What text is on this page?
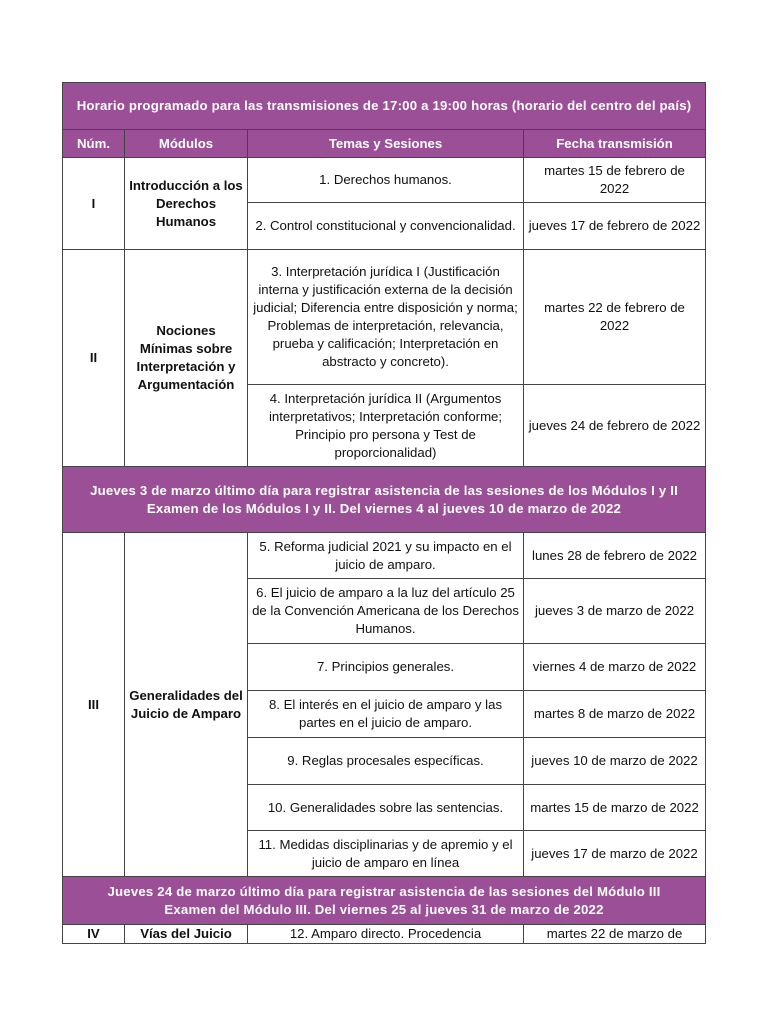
Horario programado para las transmisiones de 17:00 a 19:00 horas (horario del centro del país)			
Núm.	Módulos	Temas y Sesiones	Fecha transmisión
I	Introducción a los Derechos Humanos	1. Derechos humanos.	martes 15 de febrero de 2022
		2. Control constitucional y convencionalidad.	jueves 17 de febrero de 2022
II	Nociones Mínimas sobre Interpretación y Argumentación	3. Interpretación jurídica I (Justificación interna y justificación externa de la decisión judicial; Diferencia entre disposición y norma; Problemas de interpretación, relevancia, prueba y calificación; Interpretación en abstracto y concreto).	martes 22 de febrero de 2022
		4. Interpretación jurídica II (Argumentos interpretativos; Interpretación conforme; Principio pro persona y Test de proporcionalidad)	jueves 24 de febrero de 2022

Jueves 3 de marzo último día para registrar asistencia de las sesiones de los Módulos I y II
Examen de los Módulos I y II. Del viernes 4 al jueves 10 de marzo de 2022			

III	Generalidades del Juicio de Amparo	5. Reforma judicial 2021 y su impacto en el juicio de amparo.	lunes 28 de febrero de 2022
		6. El juicio de amparo a la luz del artículo 25 de la Convención Americana de los Derechos Humanos.	jueves 3 de marzo de 2022
		7. Principios generales.	viernes 4 de marzo de 2022
		8. El interés en el juicio de amparo y las partes en el juicio de amparo.	martes 8 de marzo de 2022
		9. Reglas procesales específicas.	jueves 10 de marzo de 2022
		10. Generalidades sobre las sentencias.	martes 15 de marzo de 2022
		11. Medidas disciplinarias y de apremio y el juicio de amparo en línea	jueves 17 de marzo de 2022

Jueves 24 de marzo último día para registrar asistencia de las sesiones del Módulo III
Examen del Módulo III. Del viernes 25 al jueves 31 de marzo de 2022			

IV	Vías del Juicio	12. Amparo directo. Procedencia	martes 22 de marzo de
